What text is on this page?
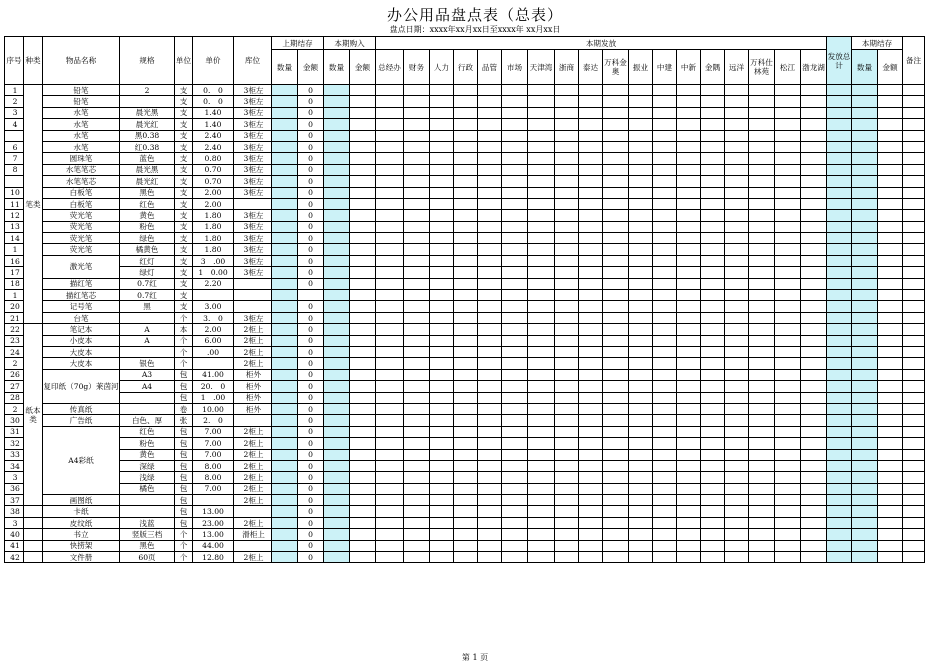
办公用品盘点表（总表）
盘点日期：xxxx年xx月xx日至xxxx年 xx月xx日
序号	种类	物品名称	规格	单位	单价	库位	上期结存		本期购入		本期发放																		发放总计	本期结存		备注
							数量	金额	数量	金额	总经办	财务	人力	行政	品管	市场	天津湾	浙商	泰达	万科金奥	振业	中建	中新	金隅	远洋	万科仕林苑	松江	渤龙湖		数量	金额	
1	笔类	铅笔	2	支	0.　0	3柜左		0																								
2		铅笔		支	0.　0	3柜左		0																								
3		水笔	晨光黑	支	1.40	3柜左		0																								
4		水笔	晨光红	支	1.40	3柜左		0																								
		水笔	黑0.38	支	2.40	3柜左		0																								
6		水笔	红0.38	支	2.40	3柜左		0																								
7		圆珠笔	蓝色	支	0.80	3柜左		0																								
8		水笔笔芯	晨光黑	支	0.70	3柜左		0																								
		水笔笔芯	晨光红	支	0.70	3柜左		0																								
10		白板笔	黑色	支	2.00	3柜左		0																								
11		白板笔	红色	支	2.00			0																								
12		荧光笔	黄色	支	1.80	3柜左		0																								
13		荧光笔	粉色	支	1.80	3柜左		0																								
14		荧光笔	绿色	支	1.80	3柜左		0																								
1		荧光笔	橘黄色	支	1.80	3柜左		0																								
16		激光笔	红灯	支	3　.00	3柜左		0																								
17			绿灯	支	1　0.00	3柜左		0																								
18		描红笔	0.7红	支	2.20			0																								
1		描红笔芯	0.7红	支																												
20		记号笔	黑	支	3.00			0																								
21		台笔		个	3.　0	3柜左		0																								
22	纸本类	笔记本	A	本	2.00	2柜上		0																								
23		小皮本	A	个	6.00	2柜上		0																								
24		大皮本		个	.00	2柜上		0																								
2		大皮本	银色	个		2柜上		0																								
26		复印纸（70g）莱茵河	A3	包	41.00	柜外		0																								
27			A4	包	20.　0	柜外		0																								
28				包	1　.00	柜外		0																								
2		传真纸		卷	10.00	柜外		0																								
30		广告纸	白色、厚	张	2.　0			0																								
31		A4彩纸	红色	包	7.00	2柜上		0																								
32			粉色	包	7.00	2柜上		0																								
33			黄色	包	7.00	2柜上		0																								
34			深绿	包	8.00	2柜上		0																								
3			浅绿	包	8.00	2柜上		0																								
36			橘色	包	7.00	2柜上		0																								
37		画图纸		包		2柜上		0																								
38		卡纸		包	13.00			0																								
3		皮纹纸	浅蓝	包	23.00	2柜上		0																								
40		书立	竖版三档	个	13.00	滑柜上		0																								
41		快捞架	黑色	个	44.00			0																								
42		文件册	60页	个	12.80	2柜上		0																								
第 1 页
